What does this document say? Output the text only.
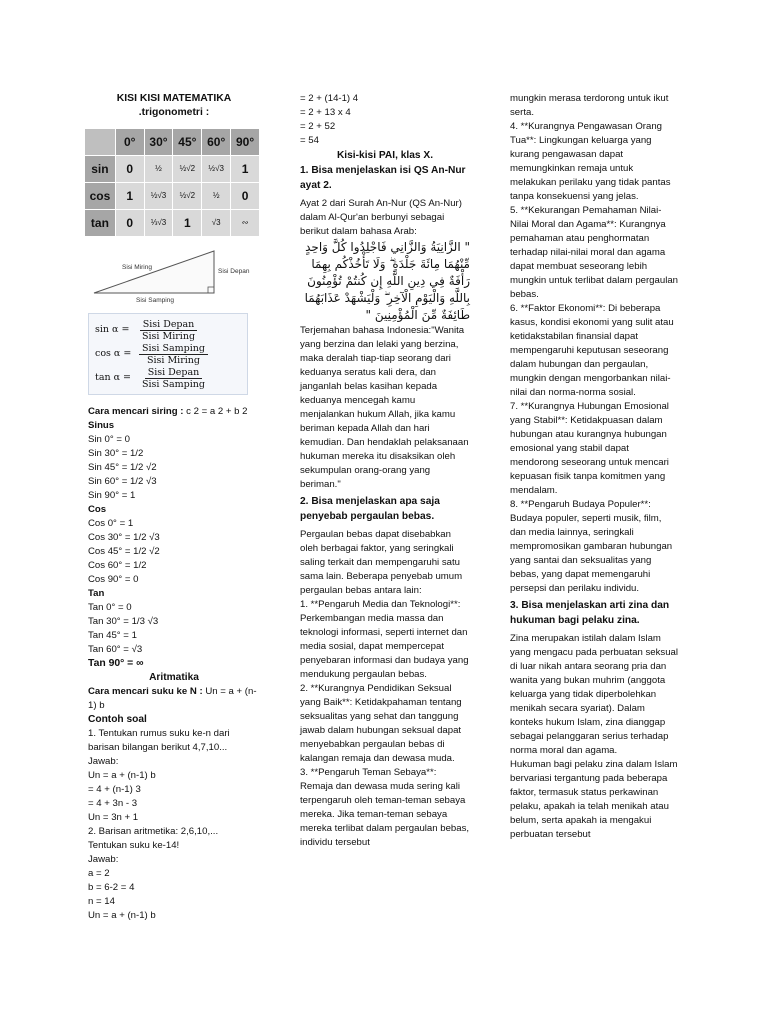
KISI KISI MATEMATIKA
.trigonometri :
	0°	30°	45°	60°	90°
sin	0	½	½√2	½√3	1
cos	1	½√3	½√2	½	0
tan	0	⅓√3	1	√3	∾
Sisi Miring
Sisi Depan
Sisi Samping
sin α =	$\frac{\text{Sisi Depan}}{\text{Sisi Miring}}$
$\cos \alpha = \frac{\text{Sisi Samping}}{\text{Sisi Miring}}$
$\tan \alpha = \frac{\text{Sisi Depan}}{\text{Sisi Samping}}$
Cara mencari siring : c 2 = a 2 + b 2
Sinus
Sin 0° = 0
Sin 30° = 1/2
Sin 45° = 1/2 √2
Sin 60° = 1/2 √3
Sin 90° = 1
Cos
Cos 0° = 1
Cos 30° = 1/2 √3
Cos 45° = 1/2 √2
Cos 60° = 1/2
Cos 90° = 0
Tan
Tan 0° = 0
Tan 30° = 1/3 √3
Tan 45° = 1
Tan 60° = √3
Tan 90° = ∞
Aritmatika
Cara mencari suku ke N : Un = a + (n-1) b
Contoh soal
1. Tentukan rumus suku ke-n dari
barisan bilangan berikut 4,7,10...
Jawab:
Un = a + (n-1) b
= 4 + (n-1) 3
= 4 + 3n - 3
Un = 3n + 1
2. Barisan aritmetika: 2,6,10,...
Tentukan suku ke-14!
Jawab:
a = 2
b = 6-2 = 4
n = 14
Un = a + (n-1) b
= 2 + (14-1) 4
= 2 + 13 x 4
= 2 + 52
= 54
Kisi-kisi PAI, klas X.
1. Bisa menjelaskan isi QS An-Nur ayat 2.
Ayat 2 dari Surah An-Nur (QS An-Nur) dalam Al-Qur'an berbunyi sebagai berikut dalam bahasa Arab:
" الزَّانِيَةُ وَالزَّانِي فَاجْلِدُوا كُلَّ وَاحِدٍ مِّنْهُمَا مِائَةَ جَلْدَةٍ ۖ وَلَا تَأْخُذْكُم بِهِمَا رَأْفَةٌ فِي دِينِ اللَّهِ إِن كُنتُمْ تُؤْمِنُونَ بِاللَّهِ وَالْيَوْمِ الْآخِرِ ۖ وَلْيَشْهَدْ عَذَابَهُمَا طَائِفَةٌ مِّنَ الْمُؤْمِنِينَ "
Terjemahan bahasa Indonesia:"Wanita yang berzina dan lelaki yang berzina, maka deralah tiap-tiap seorang dari keduanya seratus kali dera, dan janganlah belas kasihan kepada keduanya mencegah kamu menjalankan hukum Allah, jika kamu beriman kepada Allah dan hari kemudian. Dan hendaklah pelaksanaan hukuman mereka itu disaksikan oleh sekumpulan orang-orang yang beriman."
2. Bisa menjelaskan apa saja penyebab pergaulan bebas.
Pergaulan bebas dapat disebabkan oleh berbagai faktor, yang seringkali saling terkait dan mempengaruhi satu sama lain. Beberapa penyebab umum pergaulan bebas antara lain:
1. **Pengaruh Media dan Teknologi**: Perkembangan media massa dan teknologi informasi, seperti internet dan media sosial, dapat mempercepat penyebaran informasi dan budaya yang mendukung pergaulan bebas.
2. **Kurangnya Pendidikan Seksual yang Baik**: Ketidakpahaman tentang seksualitas yang sehat dan tanggung jawab dalam hubungan seksual dapat menyebabkan pergaulan bebas di kalangan remaja dan dewasa muda.
3. **Pengaruh Teman Sebaya**: Remaja dan dewasa muda sering kali terpengaruh oleh teman-teman sebaya mereka. Jika teman-teman sebaya mereka terlibat dalam pergaulan bebas, individu tersebut
mungkin merasa terdorong untuk ikut serta.
4. **Kurangnya Pengawasan Orang Tua**: Lingkungan keluarga yang kurang pengawasan dapat memungkinkan remaja untuk melakukan perilaku yang tidak pantas tanpa konsekuensi yang jelas.
5. **Kekurangan Pemahaman Nilai-Nilai Moral dan Agama**: Kurangnya pemahaman atau penghormatan terhadap nilai-nilai moral dan agama dapat membuat seseorang lebih mungkin untuk terlibat dalam pergaulan bebas.
6. **Faktor Ekonomi**: Di beberapa kasus, kondisi ekonomi yang sulit atau ketidakstabilan finansial dapat mempengaruhi keputusan seseorang dalam hubungan dan pergaulan, mungkin dengan mengorbankan nilai-nilai dan norma-norma sosial.
7. **Kurangnya Hubungan Emosional yang Stabil**: Ketidakpuasan dalam hubungan atau kurangnya hubungan emosional yang stabil dapat mendorong seseorang untuk mencari kepuasan fisik tanpa komitmen yang mendalam.
8. **Pengaruh Budaya Populer**: Budaya populer, seperti musik, film, dan media lainnya, seringkali mempromosikan gambaran hubungan yang santai dan seksualitas yang bebas, yang dapat memengaruhi persepsi dan perilaku individu.
3. Bisa menjelaskan arti zina dan hukuman bagi pelaku zina.
Zina merupakan istilah dalam Islam yang mengacu pada perbuatan seksual di luar nikah antara seorang pria dan wanita yang bukan muhrim (anggota keluarga yang tidak diperbolehkan menikah secara syariat). Dalam konteks hukum Islam, zina dianggap sebagai pelanggaran serius terhadap norma moral dan agama.
Hukuman bagi pelaku zina dalam Islam bervariasi tergantung pada beberapa faktor, termasuk status perkawinan pelaku, apakah ia telah menikah atau belum, serta apakah ia mengakui perbuatan tersebut
